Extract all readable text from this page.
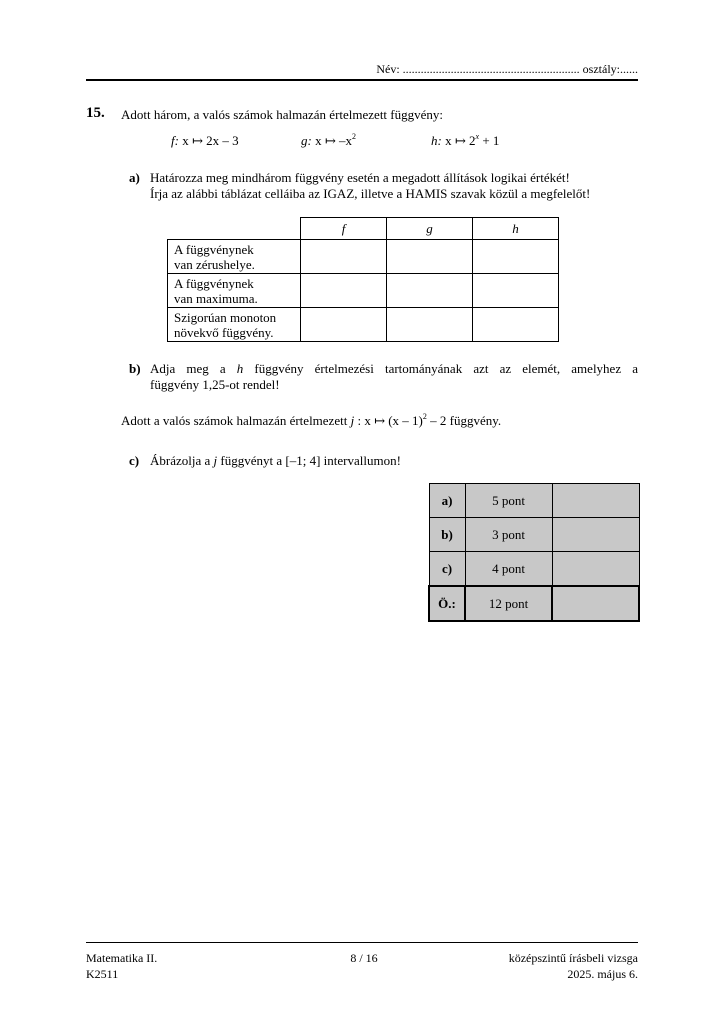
Név: ........................................................... osztály:......
15. Adott három, a valós számok halmazán értelmezett függvény:
f: x ↦ 2x – 3	g: x ↦ $-x^2$	h: x ↦ $2^x + 1$
a) Határozza meg mindhárom függvény esetén a megadott állítások logikai értékét!
Írja az alábbi táblázat celláiba az IGAZ, illetve a HAMIS szavak közül a megfelelőt!
	f	g	h
A függvénynek
van zérushelye.			
A függvénynek
van maximuma.			
Szigorúan monoton
növekvő függvény.			
b) Adja meg a h függvény értelmezési tartományának azt az elemét, amelyhez a
függvény 1,25-ot rendel!
Adott a valós számok halmazán értelmezett j : x ↦ (x – 1)$^2$ – 2 függvény.
c) Ábrázolja a j függvényt a [–1; 4] intervallumon!
a)	5 pont	
b)	3 pont	
c)	4 pont	
Ö.:	12 pont	
Matematika II.
K2511
8 / 16	középszintű írásbeli vizsga
2025. május 6.
